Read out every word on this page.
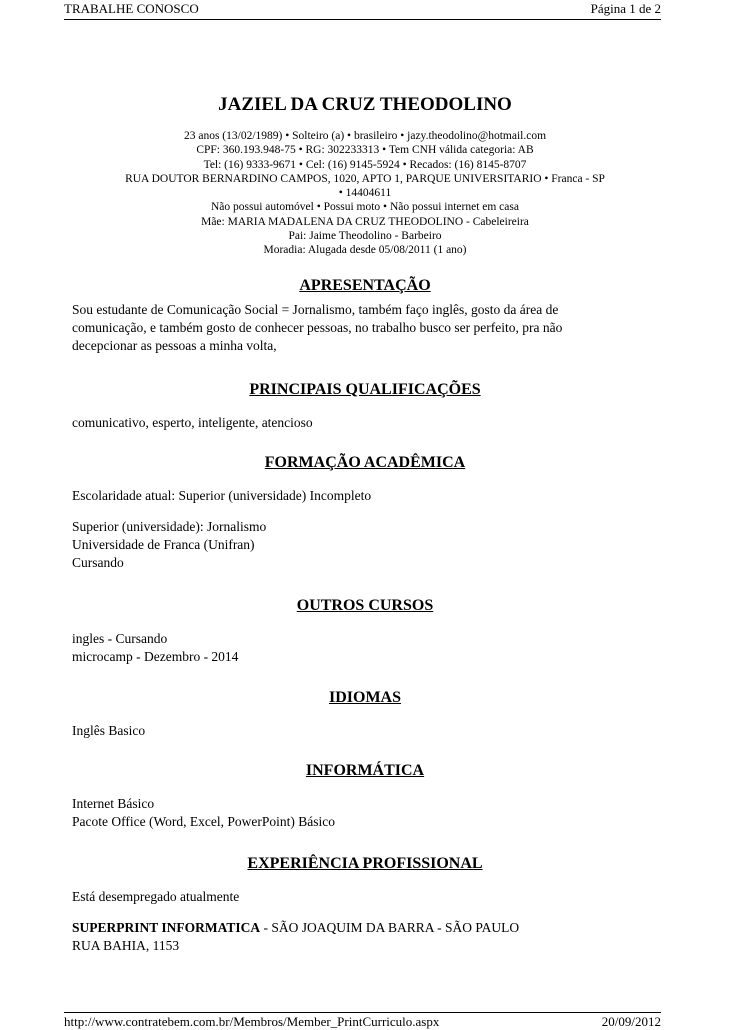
TRABALHE CONOSCO	Página 1 de 2
JAZIEL DA CRUZ THEODOLINO
23 anos (13/02/1989) • Solteiro (a) • brasileiro • jazy.theodolino@hotmail.com
CPF: 360.193.948-75 • RG: 302233313 • Tem CNH válida categoria: AB
Tel: (16) 9333-9671 • Cel: (16) 9145-5924 • Recados: (16) 8145-8707
RUA DOUTOR BERNARDINO CAMPOS, 1020, APTO 1, PARQUE UNIVERSITARIO • Franca - SP
• 14404611
Não possui automóvel • Possui moto • Não possui internet em casa
Mãe: MARIA MADALENA DA CRUZ THEODOLINO - Cabeleireira
Pai: Jaime Theodolino - Barbeiro
Moradia: Alugada desde 05/08/2011 (1 ano)
APRESENTAÇÃO
Sou estudante de Comunicação Social = Jornalismo, também faço inglês, gosto da área de
comunicação, e também gosto de conhecer pessoas, no trabalho busco ser perfeito, pra não
decepcionar as pessoas a minha volta,
PRINCIPAIS QUALIFICAÇÕES
comunicativo, esperto, inteligente, atencioso
FORMAÇÃO ACADÊMICA
Escolaridade atual: Superior (universidade) Incompleto
Superior (universidade): Jornalismo
Universidade de Franca (Unifran)
Cursando
OUTROS CURSOS
ingles - Cursando
microcamp - Dezembro - 2014
IDIOMAS
Inglês Basico
INFORMÁTICA
Internet Básico
Pacote Office (Word, Excel, PowerPoint) Básico
EXPERIÊNCIA PROFISSIONAL
Está desempregado atualmente
SUPERPRINT INFORMATICA - SÃO JOAQUIM DA BARRA - SÃO PAULO
RUA BAHIA, 1153
http://www.contratebem.com.br/Membros/Member_PrintCurriculo.aspx	20/09/2012
